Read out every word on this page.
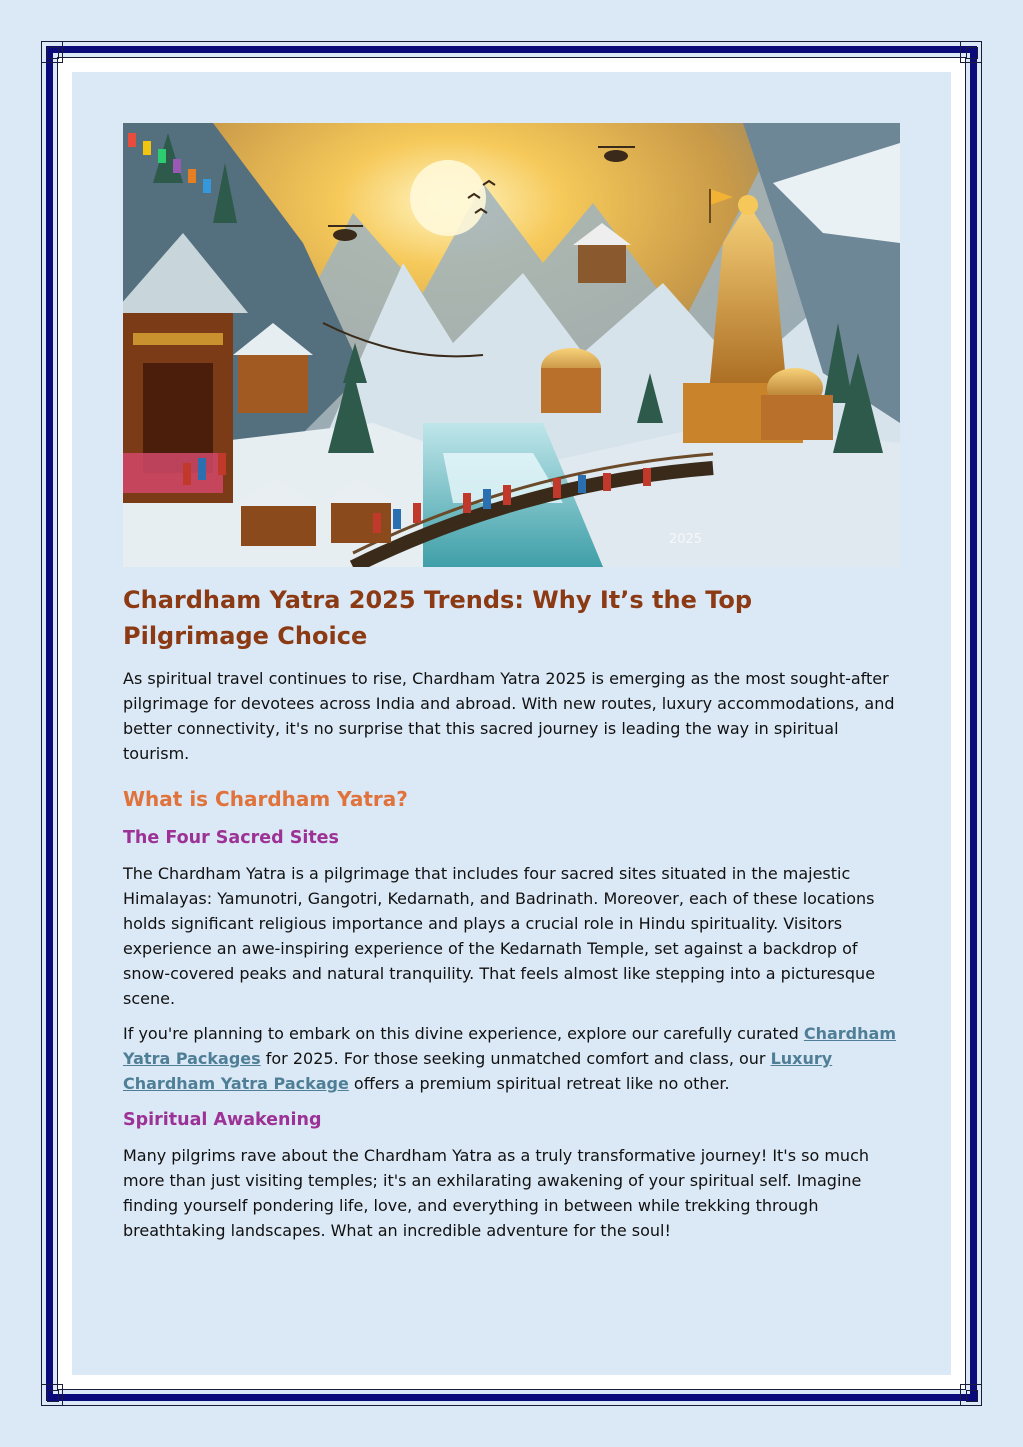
2025
Chardham Yatra 2025 Trends: Why It’s the Top Pilgrimage Choice

As spiritual travel continues to rise, Chardham Yatra 2025 is emerging as the most sought-after pilgrimage for devotees across India and abroad. With new routes, luxury accommodations, and better connectivity, it's no surprise that this sacred journey is leading the way in spiritual tourism.

What is Chardham Yatra?
The Four Sacred Sites

The Chardham Yatra is a pilgrimage that includes four sacred sites situated in the majestic Himalayas: Yamunotri, Gangotri, Kedarnath, and Badrinath. Moreover, each of these locations holds significant religious importance and plays a crucial role in Hindu spirituality. Visitors experience an awe-inspiring experience of the Kedarnath Temple, set against a backdrop of snow-covered peaks and natural tranquility. That feels almost like stepping into a picturesque scene.

If you're planning to embark on this divine experience, explore our carefully curated Chardham Yatra Packages for 2025. For those seeking unmatched comfort and class, our Luxury Chardham Yatra Package offers a premium spiritual retreat like no other.

Spiritual Awakening

Many pilgrims rave about the Chardham Yatra as a truly transformative journey! It's so much more than just visiting temples; it's an exhilarating awakening of your spiritual self. Imagine finding yourself pondering life, love, and everything in between while trekking through breathtaking landscapes. What an incredible adventure for the soul!
